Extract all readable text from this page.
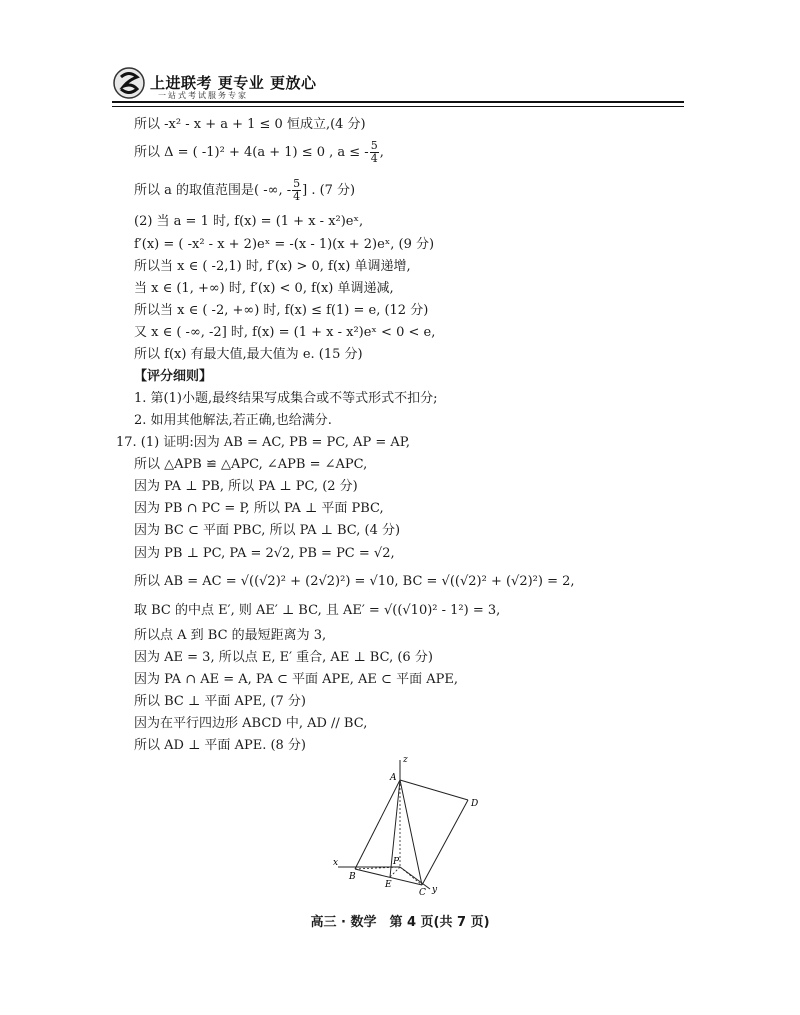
上进联考 更专业 更放心
一站式考试服务专家
所以 -x² - x + a + 1 ≤ 0 恒成立,(4 分)
所以 Δ = ( -1)² + 4(a + 1) ≤ 0 , a ≤ - $\frac{5}{4}$ ,
所以 a 的取值范围是( -∞, - $\frac{5}{4}$ ] . (7 分)
(2) 当 a = 1 时, f(x) = (1 + x - x²)eˣ,
f′(x) = ( -x² - x + 2)eˣ = -(x - 1)(x + 2)eˣ, (9 分)
所以当 x ∈ ( -2,1) 时, f′(x) > 0, f(x) 单调递增,
当 x ∈ (1, +∞) 时, f′(x) < 0, f(x) 单调递减,
所以当 x ∈ ( -2, +∞) 时, f(x) ≤ f(1) = e, (12 分)
又 x ∈ ( -∞, -2] 时, f(x) = (1 + x - x²)eˣ < 0 < e,
所以 f(x) 有最大值,最大值为 e. (15 分)
【评分细则】
1. 第(1)小题,最终结果写成集合或不等式形式不扣分;
2. 如用其他解法,若正确,也给满分.
17. (1) 证明:因为 AB = AC, PB = PC, AP = AP,
所以 △APB ≌ △APC, ∠APB = ∠APC,
因为 PA ⊥ PB, 所以 PA ⊥ PC, (2 分)
因为 PB ∩ PC = P, 所以 PA ⊥ 平面 PBC,
因为 BC ⊂ 平面 PBC, 所以 PA ⊥ BC, (4 分)
因为 PB ⊥ PC, PA = 2√2, PB = PC = √2,
所以 AB = AC = √((√2)² + (2√2)²) = √10, BC = √((√2)² + (√2)²) = 2,
取 BC 的中点 E′, 则 AE′ ⊥ BC, 且 AE′ = √((√10)² - 1²) = 3,
所以点 A 到 BC 的最短距离为 3,
因为 AE = 3, 所以点 E, E′ 重合, AE ⊥ BC, (6 分)
因为 PA ∩ AE = A, PA ⊂ 平面 APE, AE ⊂ 平面 APE,
所以 BC ⊥ 平面 APE, (7 分)
因为在平行四边形 ABCD 中, AD // BC,
所以 AD ⊥ 平面 APE. (8 分)
z
A
D
x	P
B
E
C y
高三 · 数学　第 4 页(共 7 页)
